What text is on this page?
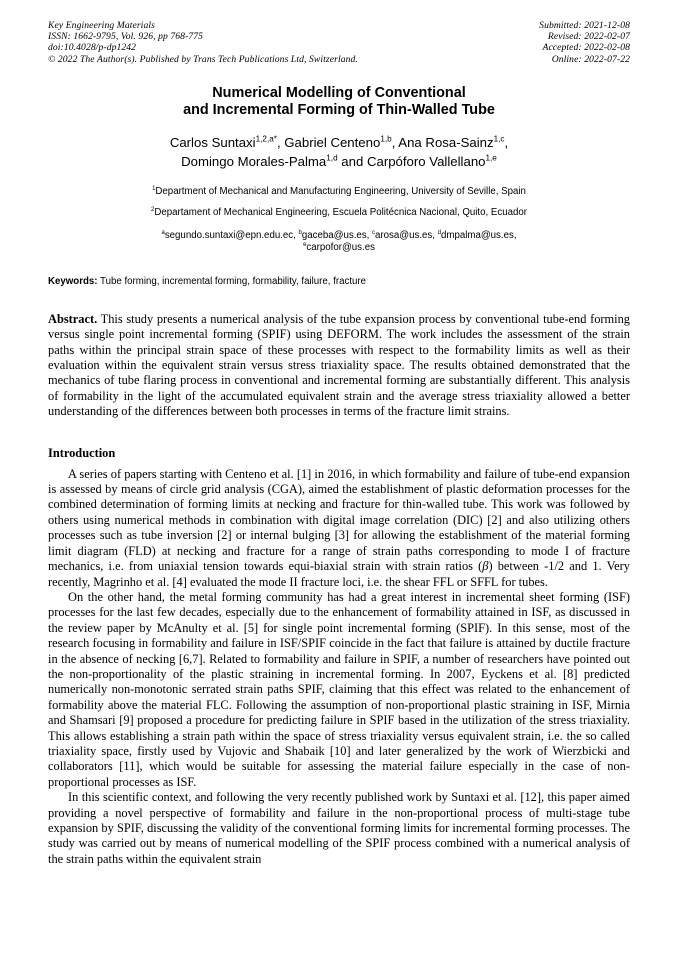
Key Engineering Materials
ISSN: 1662-9795, Vol. 926, pp 768-775
doi:10.4028/p-dp1242
© 2022 The Author(s). Published by Trans Tech Publications Ltd, Switzerland.
Submitted: 2021-12-08
Revised: 2022-02-07
Accepted: 2022-02-08
Online: 2022-07-22
Numerical Modelling of Conventional
and Incremental Forming of Thin-Walled Tube
Carlos Suntaxi$^{1,2,a*}$, Gabriel Centeno$^{1,b}$, Ana Rosa-Sainz$^{1,c}$,
Domingo Morales-Palma$^{1,d}$ and Carpóforo Vallellano$^{1,e}$
$^1$Department of Mechanical and Manufacturing Engineering, University of Seville, Spain
$^2$Departament of Mechanical Engineering, Escuela Politécnica Nacional, Quito, Ecuador
$^a$segundo.suntaxi@epn.edu.ec, $^b$gaceba@us.es, $^c$arosa@us.es, $^d$dmpalma@us.es,
$^e$carpofor@us.es
Keywords: Tube forming, incremental forming, formability, failure, fracture
Abstract. This study presents a numerical analysis of the tube expansion process by conventional tube-end forming versus single point incremental forming (SPIF) using DEFORM. The work includes the assessment of the strain paths within the principal strain space of these processes with respect to the formability limits as well as their evaluation within the equivalent strain versus stress triaxiality space. The results obtained demonstrated that the mechanics of tube flaring process in conventional and incremental forming are substantially different. This analysis of formability in the light of the accumulated equivalent strain and the average stress triaxiality allowed a better understanding of the differences between both processes in terms of the fracture limit strains.
Introduction

A series of papers starting with Centeno et al. [1] in 2016, in which formability and failure of tube-end expansion is assessed by means of circle grid analysis (CGA), aimed the establishment of plastic deformation processes for the combined determination of forming limits at necking and fracture for thin-walled tube. This work was followed by others using numerical methods in combination with digital image correlation (DIC) [2] and also utilizing others processes such as tube inversion [2] or internal bulging [3] for allowing the establishment of the material forming limit diagram (FLD) at necking and fracture for a range of strain paths corresponding to mode I of fracture mechanics, i.e. from uniaxial tension towards equi-biaxial strain with strain ratios (β) between -1/2 and 1. Very recently, Magrinho et al. [4] evaluated the mode II fracture loci, i.e. the shear FFL or SFFL for tubes.

On the other hand, the metal forming community has had a great interest in incremental sheet forming (ISF) processes for the last few decades, especially due to the enhancement of formability attained in ISF, as discussed in the review paper by McAnulty et al. [5] for single point incremental forming (SPIF). In this sense, most of the research focusing in formability and failure in ISF/SPIF coincide in the fact that failure is attained by ductile fracture in the absence of necking [6,7]. Related to formability and failure in SPIF, a number of researchers have pointed out the non-proportionality of the plastic straining in incremental forming. In 2007, Eyckens et al. [8] predicted numerically non-monotonic serrated strain paths SPIF, claiming that this effect was related to the enhancement of formability above the material FLC. Following the assumption of non-proportional plastic straining in ISF, Mirnia and Shamsari [9] proposed a procedure for predicting failure in SPIF based in the utilization of the stress triaxiality. This allows establishing a strain path within the space of stress triaxiality versus equivalent strain, i.e. the so called triaxiality space, firstly used by Vujovic and Shabaik [10] and later generalized by the work of Wierzbicki and collaborators [11], which would be suitable for assessing the material failure especially in the case of non-proportional processes as ISF.

In this scientific context, and following the very recently published work by Suntaxi et al. [12], this paper aimed providing a novel perspective of formability and failure in the non-proportional process of multi-stage tube expansion by SPIF, discussing the validity of the conventional forming limits for incremental forming processes. The study was carried out by means of numerical modelling of the SPIF process combined with a numerical analysis of the strain paths within the equivalent strain
